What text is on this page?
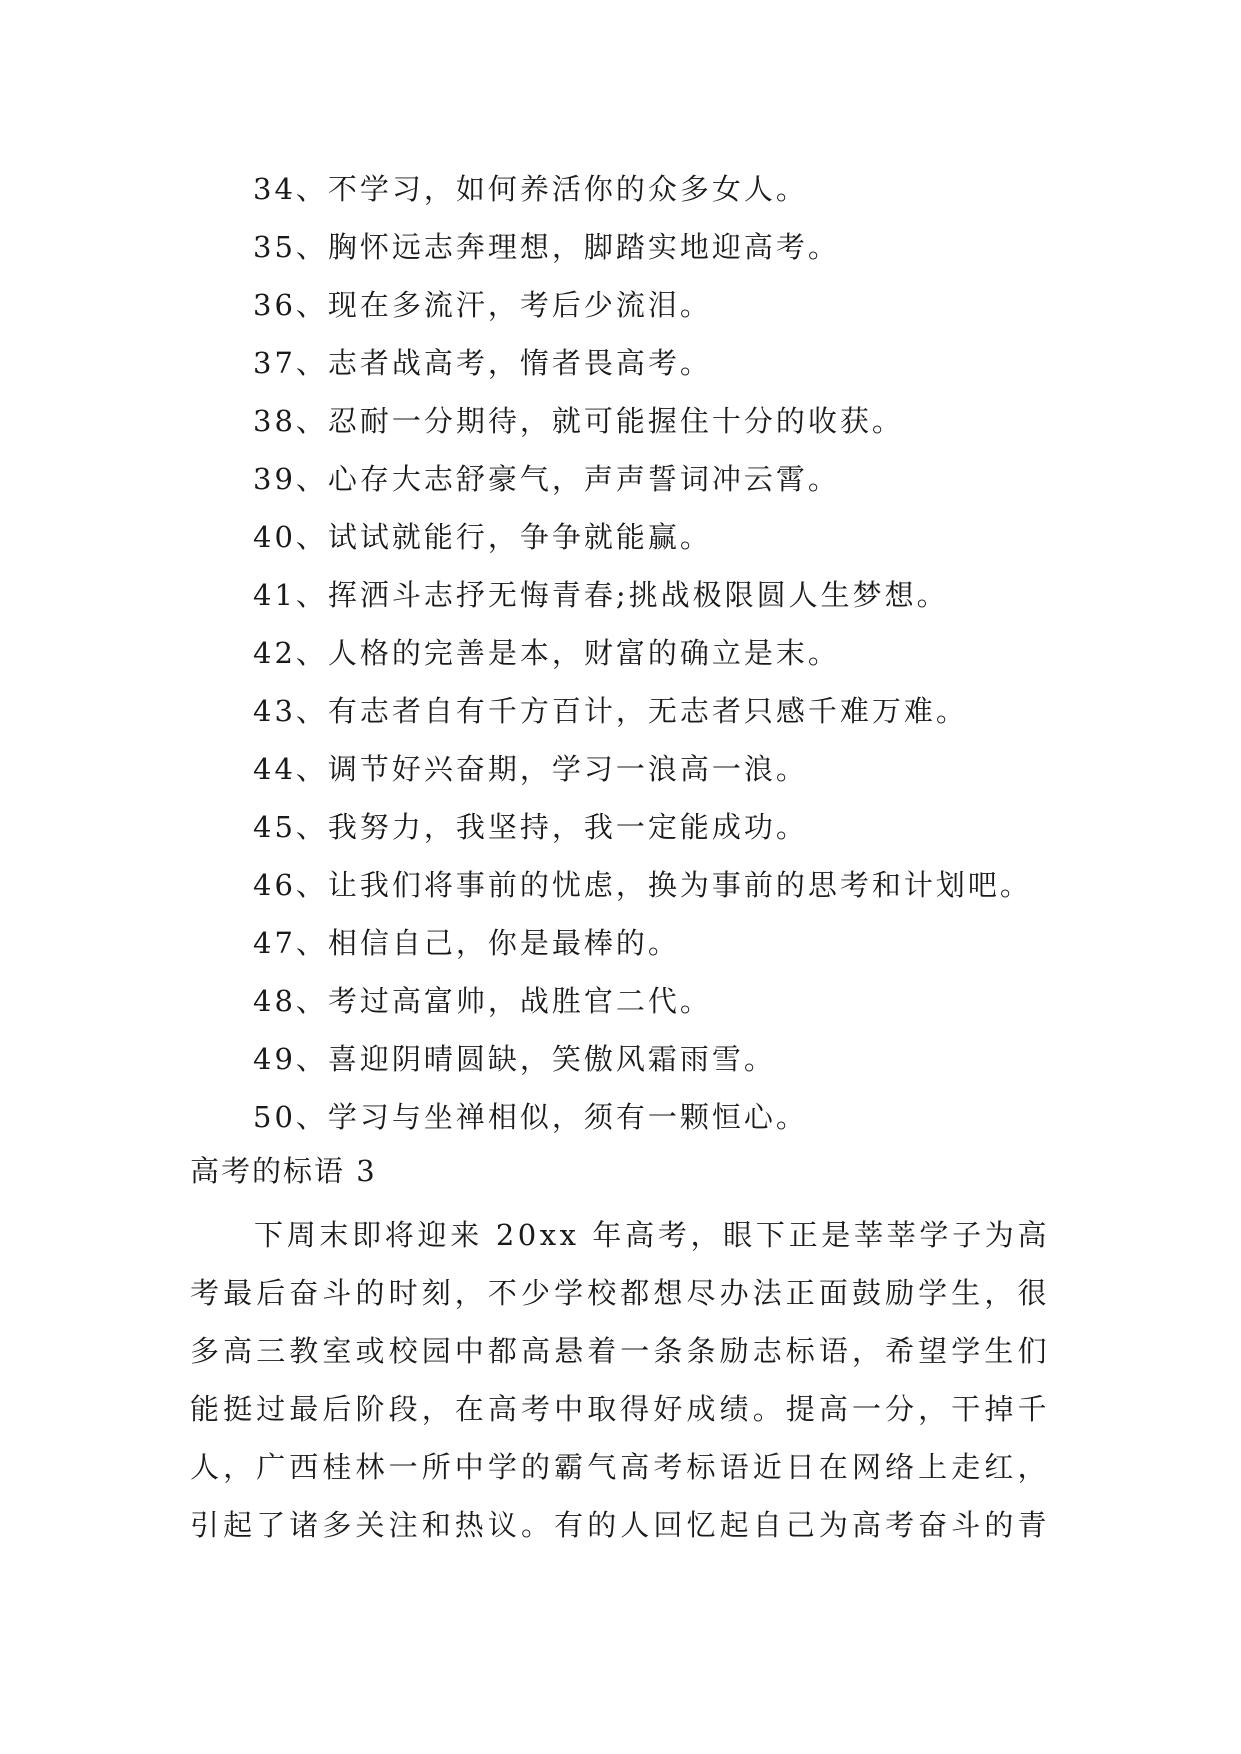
34、不学习，如何养活你的众多女人。
35、胸怀远志奔理想，脚踏实地迎高考。
36、现在多流汗，考后少流泪。
37、志者战高考，惰者畏高考。
38、忍耐一分期待，就可能握住十分的收获。
39、心存大志舒豪气，声声誓词冲云霄。
40、试试就能行，争争就能赢。
41、挥洒斗志抒无悔青春;挑战极限圆人生梦想。
42、人格的完善是本，财富的确立是末。
43、有志者自有千方百计，无志者只感千难万难。
44、调节好兴奋期，学习一浪高一浪。
45、我努力，我坚持，我一定能成功。
46、让我们将事前的忧虑，换为事前的思考和计划吧。
47、相信自己，你是最棒的。
48、考过高富帅，战胜官二代。
49、喜迎阴晴圆缺，笑傲风霜雨雪。
50、学习与坐禅相似，须有一颗恒心。
高考的标语 3

下周末即将迎来 20xx 年高考，眼下正是莘莘学子为高
考最后奋斗的时刻，不少学校都想尽办法正面鼓励学生，很
多高三教室或校园中都高悬着一条条励志标语，希望学生们
能挺过最后阶段，在高考中取得好成绩。提高一分，干掉千
人，广西桂林一所中学的霸气高考标语近日在网络上走红，
引起了诸多关注和热议。有的人回忆起自己为高考奋斗的青
